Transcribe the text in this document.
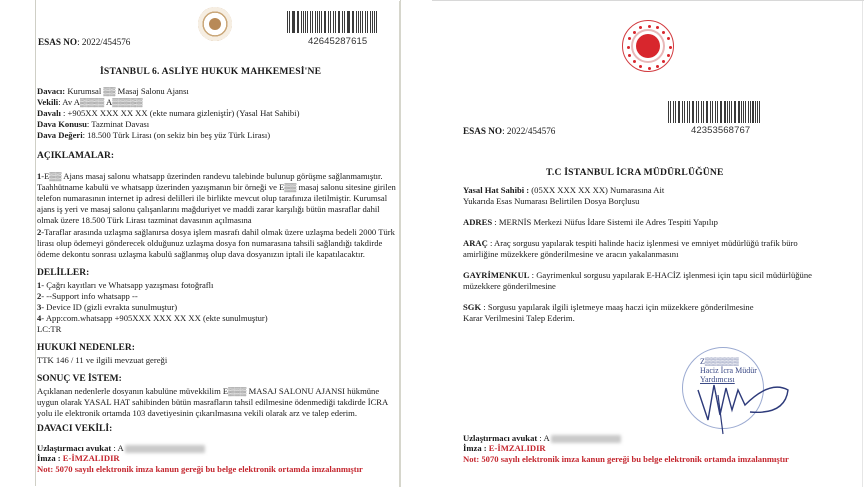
42645287615
ESAS NO: 2022/454576
İSTANBUL 6. ASLİYE HUKUK MAHKEMESİ'NE
Davacı: Kurumsal ▒▒ Masaj Salonu Ajansı
Vekili: Av A▒▒▒▒ A▒▒▒▒▒
Davalı : +905XX XXX XX XX (ekte numara gizlenişti̇r) (Yasal Hat Sahibi)
Dava Konusu: Tazminat Davası
Dava Değeri: 18.500 Türk Lirası (on sekiz bin beş yüz Türk Lirası)
AÇIKLAMALAR:
1-E▒▒ Ajans masaj salonu whatsapp üzerinden randevu talebinde bulunup görüşme sağlanmamıştır. Taahhütname kabulü ve whatsapp üzerinden yazışmanın bir örneği ve E▒▒ masaj salonu sitesine girilen telefon numarasının internet ip adresi delilleri ile birlikte mevcut olup tarafınıza iletilmiştir. Kurumsal ajans iş yeri ve masaj salonu çalışanlarını mağduriyet ve maddi zarar karşılığı bütün masraflar dahil olmak üzere 18.500 Türk Lirası tazminat davasının açılmasına
2-Taraflar arasında uzlaşma sağlanırsa dosya işlem masrafı dahil olmak üzere uzlaşma bedeli 2000 Türk lirası olup ödemeyi gönderecek olduğunuz uzlaşma dosya fon numarasına tahsili sağlandığı takdirde ödeme dekontu sonrası uzlaşma kabulü sağlanmış olup dava dosyanızın iptali ile kapatılacaktır.
DELİLLER:
1- Çağrı kayıtları ve Whatsapp yazışması fotoğraflı
2- --Support info whatsapp --
3- Device ID (gizli evrakta sunulmuştur)
4- App:com.whatsapp +905XXX XXX XX XX (ekte sunulmuştur)
LC:TR
HUKUKİ NEDENLER:
TTK 146 / 11 ve ilgili mevzuat gereği
SONUÇ VE İSTEM:
Açıklanan nedenlerle dosyanın kabulüne müvekkilim E▒▒▒ MASAJ SALONU AJANSI hükmüne uygun olarak YASAL HAT sahibinden bütün masrafların tahsil edilmesine ödenmediği takdirde İCRA yolu ile elektronik ortamda 103 davetiyesinin çıkarılmasına vekili olarak arz ve talep ederim.
DAVACI VEKİLİ:
Uzlaştırmacı avukat : A
İmza : E-İMZALIDIR
Not: 5070 sayılı elektronik imza kanun gereği bu belge elektronik ortamda imzalanmıştır
42353568767
ESAS NO: 2022/454576
T.C İSTANBUL İCRA MÜDÜRLÜĞÜNE
Yasal Hat Sahibi : (05XX XXX XX XX) Numarasına Ait
Yukarıda Esas Numarası Belirtilen Dosya Borçlusu
ADRES : MERNİS Merkezi Nüfus İdare Sistemi ile Adres Tespiti Yapılıp
ARAÇ : Araç sorgusu yapılarak tespiti halinde haciz işlenmesi ve emniyet müdürlüğü trafik büro amirliğine müzekkere gönderilmesine ve aracın yakalanmasını
GAYRİMENKUL : Gayrimenkul sorgusu yapılarak E-HACİZ işlenmesi için tapu sicil müdürlüğüne müzekkere gönderilmesine
SGK : Sorgusu yapılarak ilgili işletmeye maaş haczi için müzekkere gönderilmesine
Karar Verilmesini Talep Ederim.
Z▒▒▒▒▒▒
Haciz İcra Müdür
Yardımcısı
Uzlaştırmacı avukat : A
İmza : E-İMZALIDIR
Not: 5070 sayılı elektronik imza kanun gereği bu belge elektronik ortamda imzalanmıştır
